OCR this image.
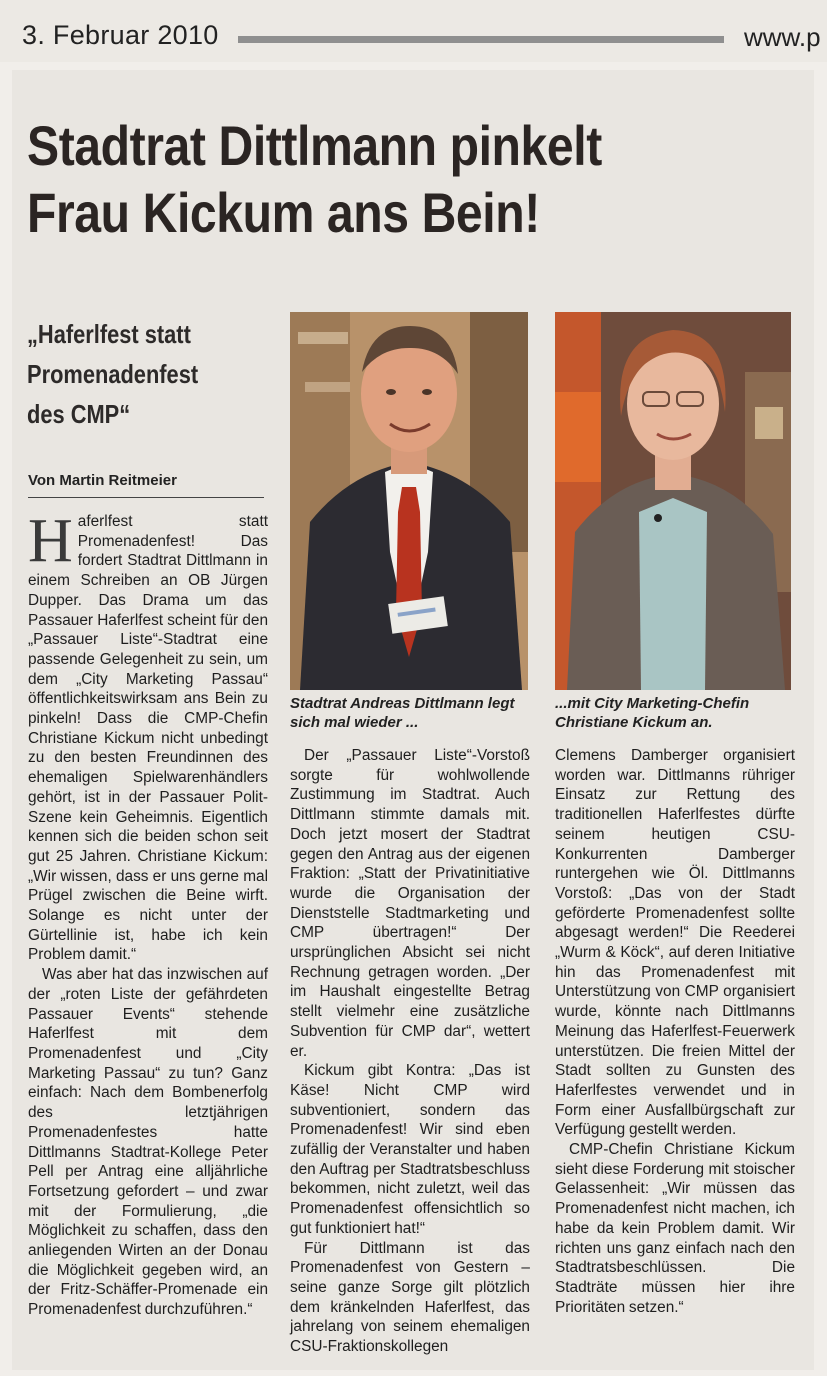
3. Februar 2010	www.p
Stadtrat Dittlmann pinkelt Frau Kickum ans Bein!
„Haferlfest statt Promenadenfest des CMP“
Von Martin Reitmeier
Stadtrat Andreas Dittlmann legt sich mal wieder ...
...mit City Marketing-Chefin Christiane Kickum an.

Haferlfest statt Promenadenfest! Das fordert Stadtrat Dittlmann in einem Schreiben an OB Jürgen Dupper. Das Drama um das Passauer Haferlfest scheint für den „Passauer Liste“-Stadtrat eine passende Gelegenheit zu sein, um dem „City Marketing Passau“ öffentlichkeitswirksam ans Bein zu pinkeln! Dass die CMP-Chefin Christiane Kickum nicht unbedingt zu den besten Freundinnen des ehemaligen Spielwarenhändlers gehört, ist in der Passauer Polit-Szene kein Geheimnis. Eigentlich kennen sich die beiden schon seit gut 25 Jahren. Christiane Kickum: „Wir wissen, dass er uns gerne mal Prügel zwischen die Beine wirft. Solange es nicht unter der Gürtellinie ist, habe ich kein Problem damit.“

Was aber hat das inzwischen auf der „roten Liste der gefährdeten Passauer Events“ stehende Haferlfest mit dem Promenadenfest und „City Marketing Passau“ zu tun? Ganz einfach: Nach dem Bombenerfolg des letztjährigen Promenadenfestes hatte Dittlmanns Stadtrat-Kollege Peter Pell per Antrag eine alljährliche Fortsetzung gefordert – und zwar mit der Formulierung, „die Möglichkeit zu schaffen, dass den anliegenden Wirten an der Donau die Möglichkeit gegeben wird, an der Fritz-Schäffer-Promenade ein Promenadenfest durchzuführen.“

Der „Passauer Liste“-Vorstoß sorgte für wohlwollende Zustimmung im Stadtrat. Auch Dittlmann stimmte damals mit. Doch jetzt mosert der Stadtrat gegen den Antrag aus der eigenen Fraktion: „Statt der Privatinitiative wurde die Organisation der Dienststelle Stadtmarketing und CMP übertragen!“ Der ursprünglichen Absicht sei nicht Rechnung getragen worden. „Der im Haushalt eingestellte Betrag stellt vielmehr eine zusätzliche Subvention für CMP dar“, wettert er.

Kickum gibt Kontra: „Das ist Käse! Nicht CMP wird subventioniert, sondern das Promenadenfest! Wir sind eben zufällig der Veranstalter und haben den Auftrag per Stadtratsbeschluss bekommen, nicht zuletzt, weil das Promenadenfest offensichtlich so gut funktioniert hat!“

Für Dittlmann ist das Promenadenfest von Gestern – seine ganze Sorge gilt plötzlich dem kränkelnden Haferlfest, das jahrelang von seinem ehemaligen CSU-Fraktionskollegen

Clemens Damberger organisiert worden war. Dittlmanns rühriger Einsatz zur Rettung des traditionellen Haferlfestes dürfte seinem heutigen CSU-Konkurrenten Damberger runtergehen wie Öl. Dittlmanns Vorstoß: „Das von der Stadt geförderte Promenadenfest sollte abgesagt werden!“ Die Reederei „Wurm & Köck“, auf deren Initiative hin das Promenadenfest mit Unterstützung von CMP organisiert wurde, könnte nach Dittlmanns Meinung das Haferlfest-Feuerwerk unterstützen. Die freien Mittel der Stadt sollten zu Gunsten des Haferlfestes verwendet und in Form einer Ausfallbürgschaft zur Verfügung gestellt werden.

CMP-Chefin Christiane Kickum sieht diese Forderung mit stoischer Gelassenheit: „Wir müssen das Promenadenfest nicht machen, ich habe da kein Problem damit. Wir richten uns ganz einfach nach den Stadtratsbeschlüssen. Die Stadträte müssen hier ihre Prioritäten setzen.“
